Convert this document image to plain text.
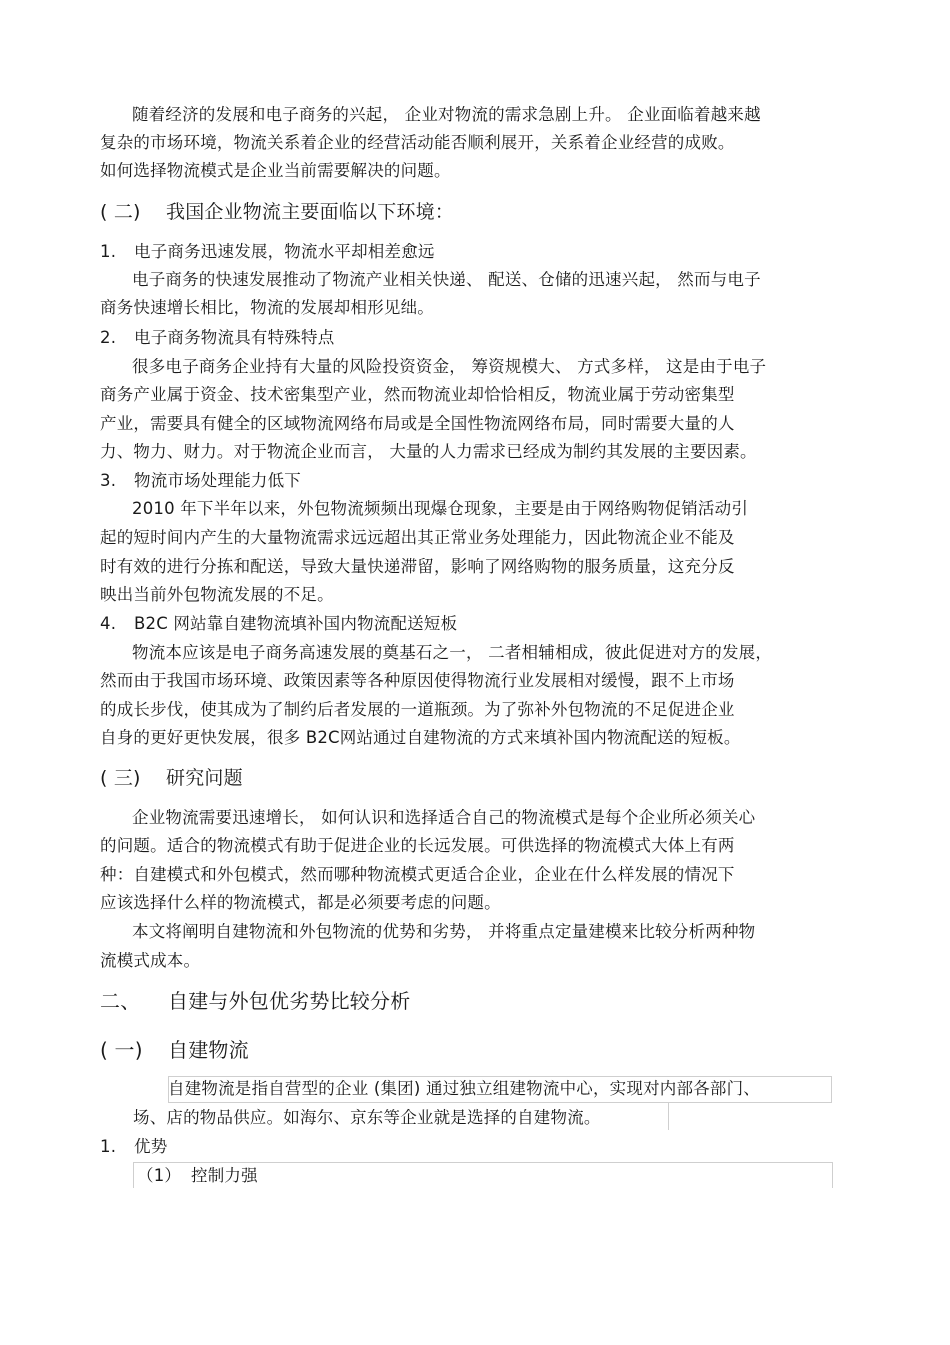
随着经济的发展和电子商务的兴起， 企业对物流的需求急剧上升。 企业面临着越来越
复杂的市场环境，物流关系着企业的经营活动能否顺利展开，关系着企业经营的成败。
如何选择物流模式是企业当前需要解决的问题。
( 二) 我国企业物流主要面临以下环境：
1. 电子商务迅速发展，物流水平却相差愈远
电子商务的快速发展推动了物流产业相关快递、 配送、仓储的迅速兴起， 然而与电子
商务快速增长相比，物流的发展却相形见绌。
2. 电子商务物流具有特殊特点
很多电子商务企业持有大量的风险投资资金， 筹资规模大、 方式多样， 这是由于电子
商务产业属于资金、技术密集型产业，然而物流业却恰恰相反，物流业属于劳动密集型
产业，需要具有健全的区域物流网络布局或是全国性物流网络布局，同时需要大量的人
力、物力、财力。对于物流企业而言， 大量的人力需求已经成为制约其发展的主要因素。
3. 物流市场处理能力低下
2010 年下半年以来，外包物流频频出现爆仓现象，主要是由于网络购物促销活动引
起的短时间内产生的大量物流需求远远超出其正常业务处理能力，因此物流企业不能及
时有效的进行分拣和配送，导致大量快递滞留，影响了网络购物的服务质量，这充分反
映出当前外包物流发展的不足。
4. B2C 网站靠自建物流填补国内物流配送短板
物流本应该是电子商务高速发展的奠基石之一， 二者相辅相成，彼此促进对方的发展，
然而由于我国市场环境、政策因素等各种原因使得物流行业发展相对缓慢，跟不上市场
的成长步伐，使其成为了制约后者发展的一道瓶颈。为了弥补外包物流的不足促进企业
自身的更好更快发展，很多 B2C网站通过自建物流的方式来填补国内物流配送的短板。
( 三) 研究问题
企业物流需要迅速增长， 如何认识和选择适合自己的物流模式是每个企业所必须关心
的问题。适合的物流模式有助于促进企业的长远发展。可供选择的物流模式大体上有两
种：自建模式和外包模式，然而哪种物流模式更适合企业，企业在什么样发展的情况下
应该选择什么样的物流模式，都是必须要考虑的问题。
本文将阐明自建物流和外包物流的优势和劣势， 并将重点定量建模来比较分析两种物
流模式成本。
二、 自建与外包优劣势比较分析
( 一) 自建物流
自建物流是指自营型的企业 (集团) 通过独立组建物流中心，实现对内部各部门、
场、店的物品供应。如海尔、京东等企业就是选择的自建物流。
1. 优势
（1） 控制力强
